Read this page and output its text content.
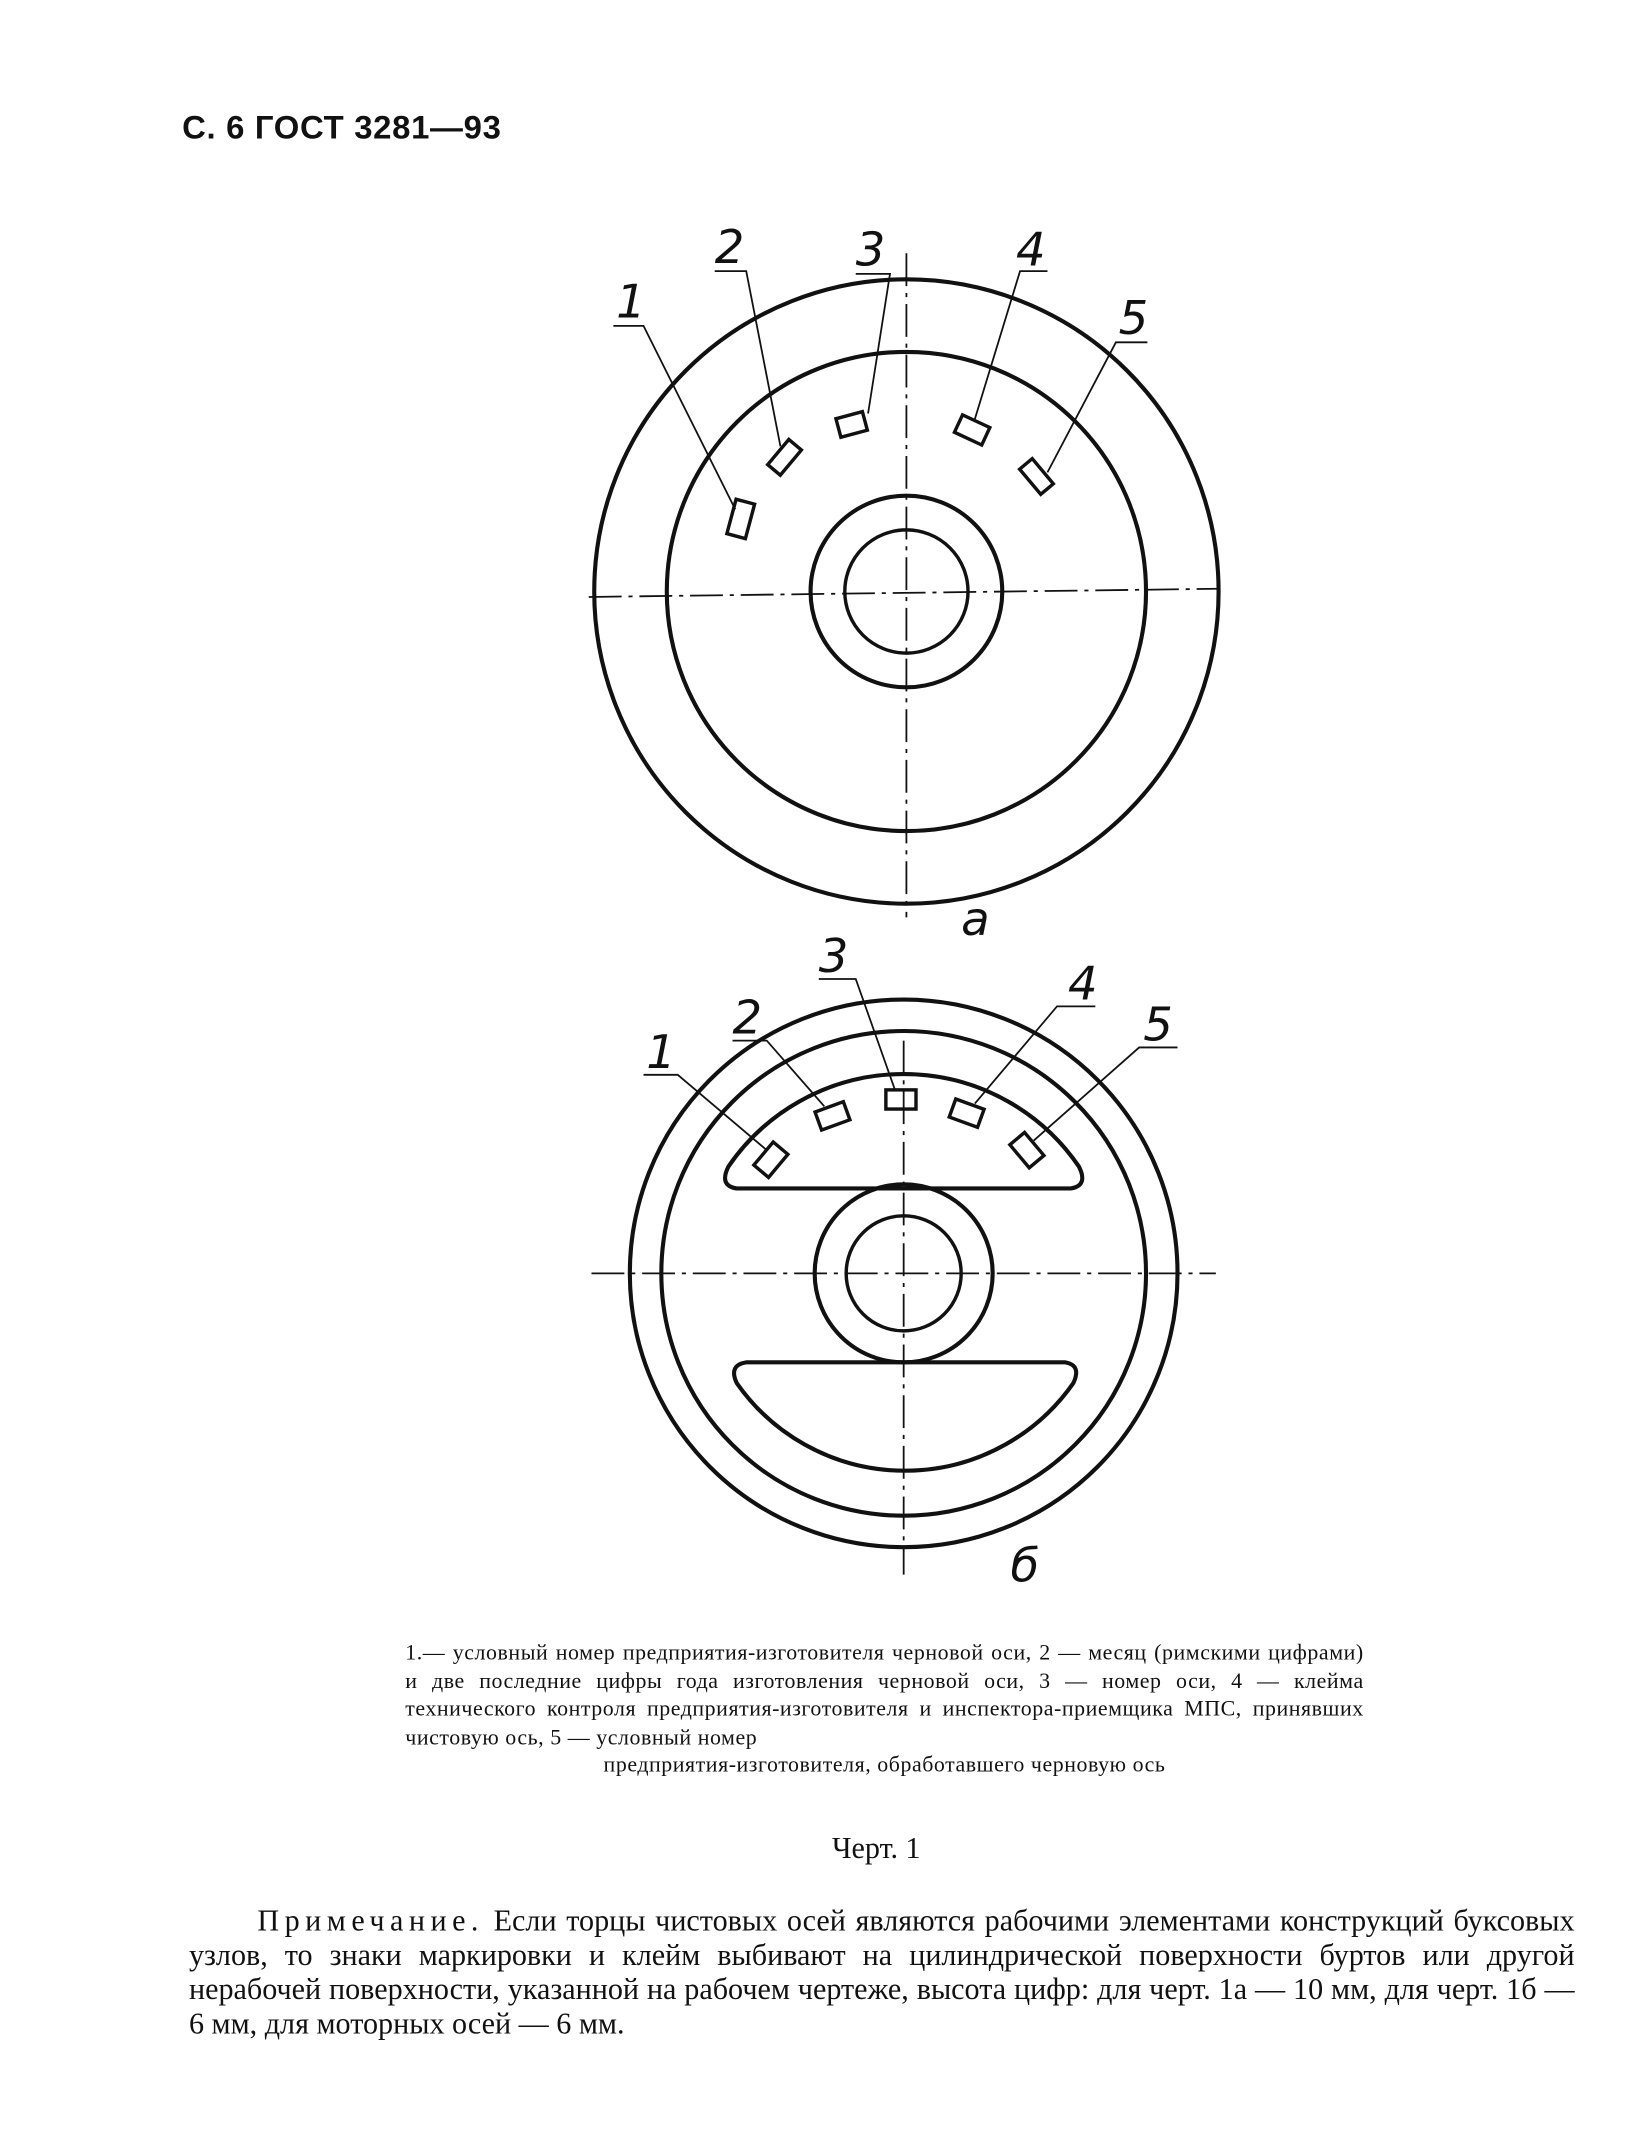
С. 6 ГОСТ 3281—93
1
2	3	4
5
а
1
2
3
4
5
б
1.— условный номер предприятия-изготовителя черновой оси, 2 — месяц (римскими цифрами) и две последние цифры года изготовления черновой оси, 3 — номер оси, 4 — клейма технического контроля предприятия-изготовителя и инспектора-приемщика МПС, принявших чистовую ось, 5 — условный номер
предприятия-изготовителя, обработавшего черновую ось
Черт. 1
Примечание. Если торцы чистовых осей являются рабочими элементами конструкций буксовых узлов, то знаки маркировки и клейм выбивают на цилиндрической поверхности буртов или другой нерабочей поверхности, указанной на рабочем чертеже, высота цифр: для черт. 1а — 10 мм, для черт. 1б — 6 мм, для моторных осей — 6 мм.
